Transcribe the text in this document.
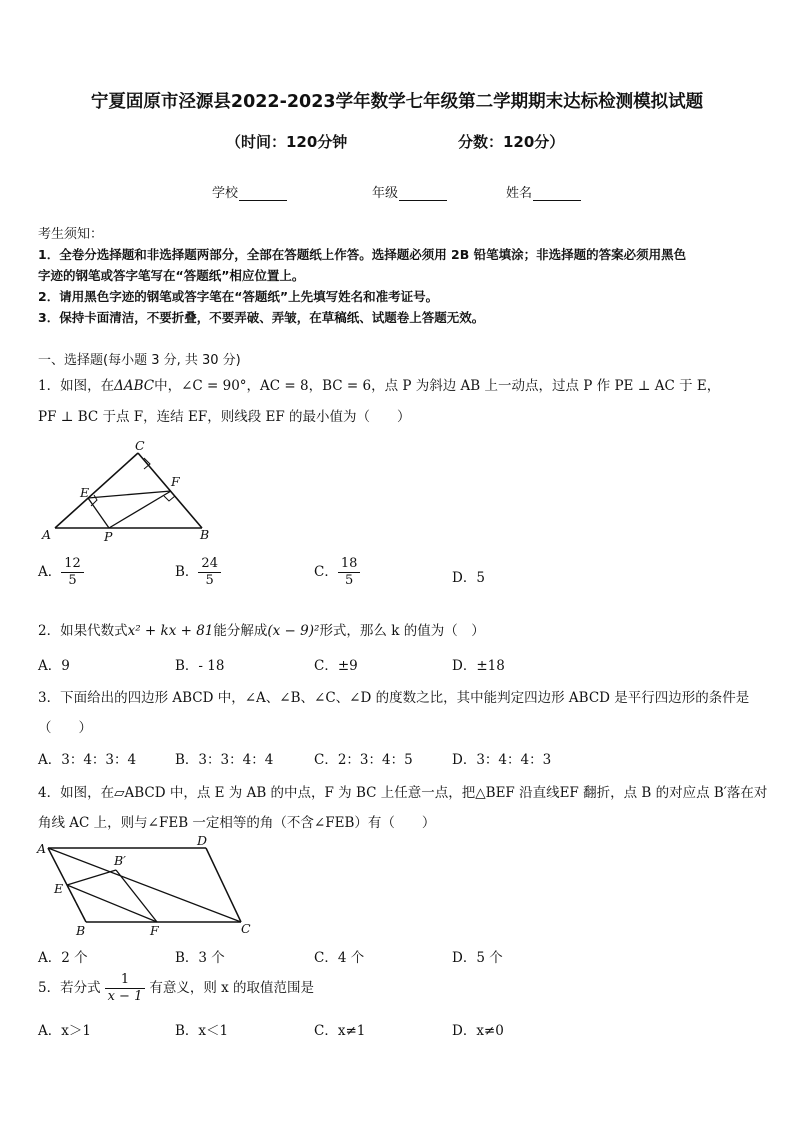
宁夏固原市泾源县2022-2023学年数学七年级第二学期期末达标检测模拟试题
（时间：120分钟	分数：120分）
学校	年级	姓名
考生须知：
1．全卷分选择题和非选择题两部分，全部在答题纸上作答。选择题必须用 2B 铅笔填涂；非选择题的答案必须用黑色
字迹的钢笔或答字笔写在“答题纸”相应位置上。
2．请用黑色字迹的钢笔或答字笔在“答题纸”上先填写姓名和准考证号。
3．保持卡面清洁，不要折叠，不要弄破、弄皱，在草稿纸、试题卷上答题无效。
一、选择题(每小题 3 分, 共 30 分)
1．如图，在ΔABC中，∠C = 90°，AC = 8，BC = 6，点 P 为斜边 AB 上一动点，过点 P 作 PE ⊥ AC 于 E，
PF ⊥ BC 于点 F，连结 EF，则线段 EF 的最小值为（　　）
C
E
F
A	P	B
A． $\frac{12}{5}$	B． $\frac{24}{5}$	C． $\frac{18}{5}$	D．5
2．如果代数式x² + kx + 81能分解成(x − 9)²形式，那么 k 的值为（　）
A．9	B．- 18	C．±9	D．±18
3．下面给出的四边形 ABCD 中，∠A、∠B、∠C、∠D 的度数之比，其中能判定四边形 ABCD 是平行四边形的条件是
（　　）
A．3：4：3：4	B．3：3：4：4	C．2：3：4：5	D．3：4：4：3
4．如图，在▱ABCD 中，点 E 为 AB 的中点，F 为 BC 上任意一点，把△BEF 沿直线EF 翻折，点 B 的对应点 B′落在对
角线 AC 上，则与∠FEB 一定相等的角（不含∠FEB）有（　　）
A
D
B′
E
B	F	C
A．2 个	B．3 个	C．4 个	D．5 个
5．若分式 $\frac{1}{x - 1}$ 有意义，则 x 的取值范围是
A．x＞1	B．x＜1	C．x≠1	D．x≠0
